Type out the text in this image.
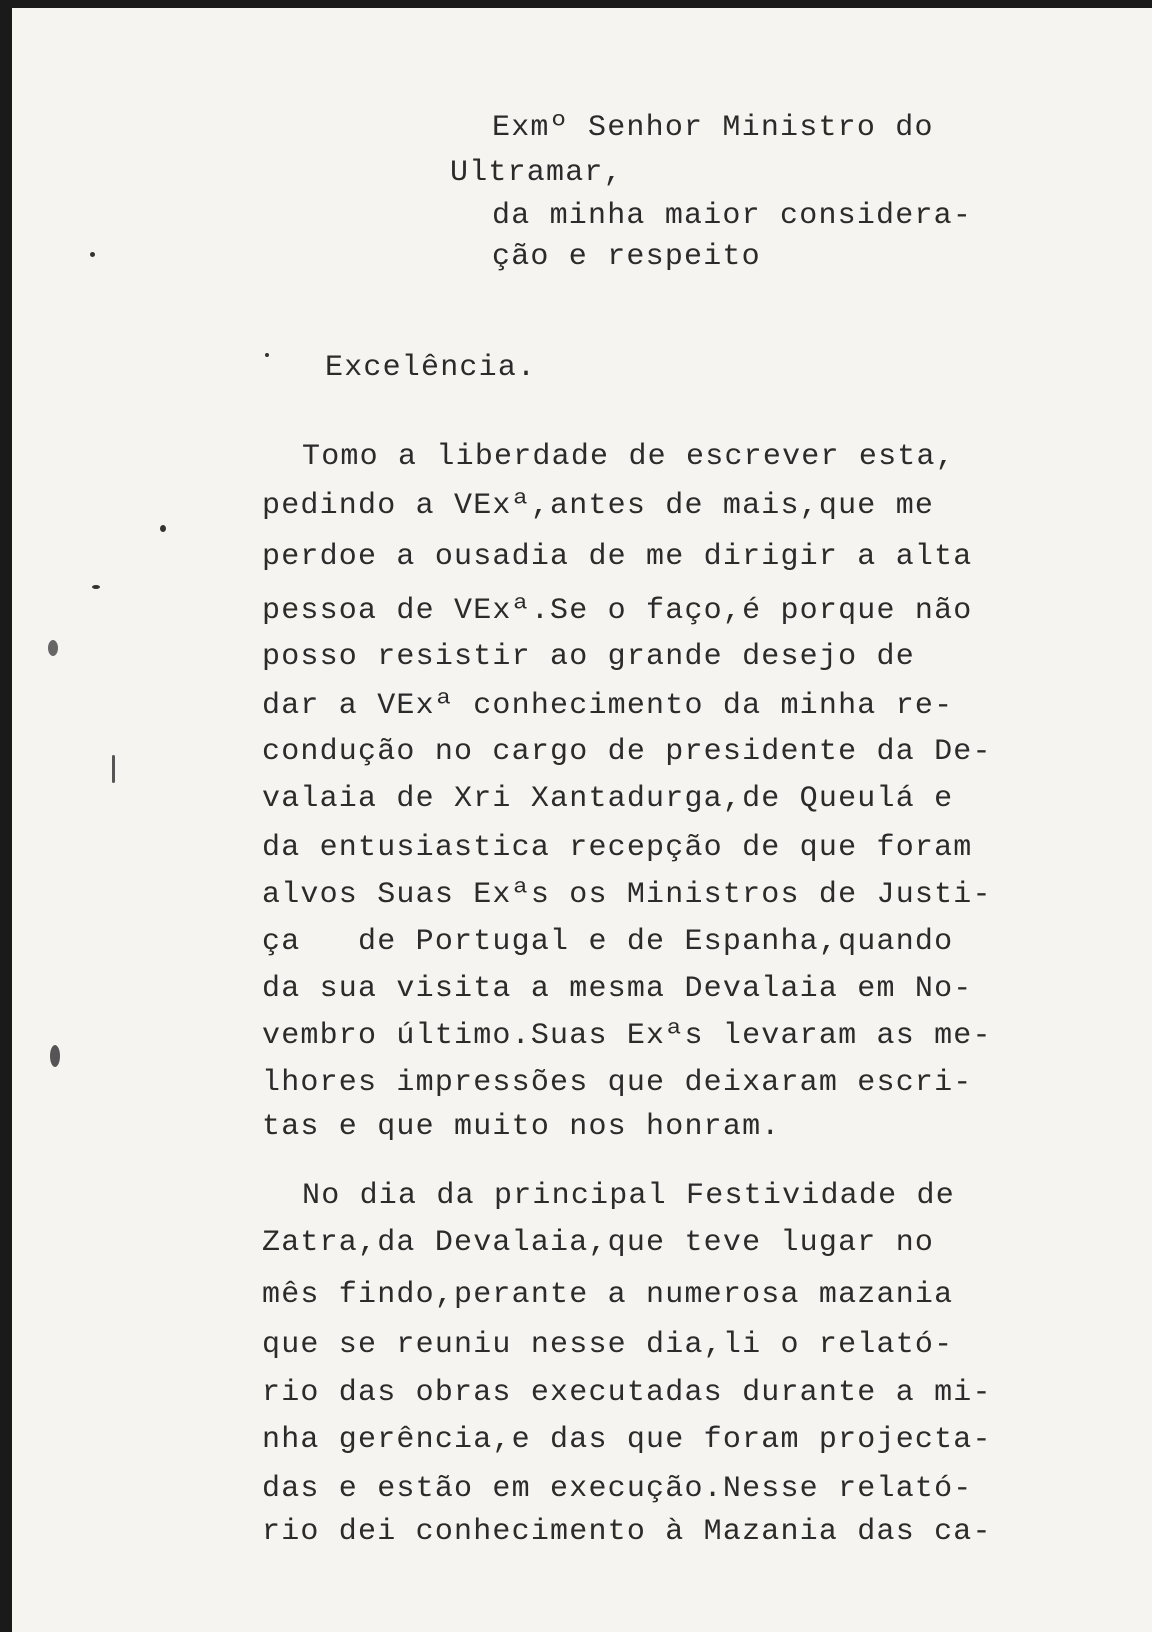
Exmº Senhor Ministro do
Ultramar,
da minha maior considera-
ção e respeito
Excelência.
Tomo a liberdade de escrever esta,
pedindo a VExª,antes de mais,que me
perdoe a ousadia de me dirigir a alta
pessoa de VExª.Se o faço,é porque não
posso resistir ao grande desejo de
dar a VExª conhecimento da minha re-
condução no cargo de presidente da De-
valaia de Xri Xantadurga,de Queulá e
da entusiastica recepção de que foram
alvos Suas Exªs os Ministros de Justi-
ça   de Portugal e de Espanha,quando
da sua visita a mesma Devalaia em No-
vembro último.Suas Exªs levaram as me-
lhores impressões que deixaram escri-
tas e que muito nos honram.
No dia da principal Festividade de
Zatra,da Devalaia,que teve lugar no
mês findo,perante a numerosa mazania
que se reuniu nesse dia,li o relató-
rio das obras executadas durante a mi-
nha gerência,e das que foram projecta-
das e estão em execução.Nesse relató-
rio dei conhecimento à Mazania das ca-
